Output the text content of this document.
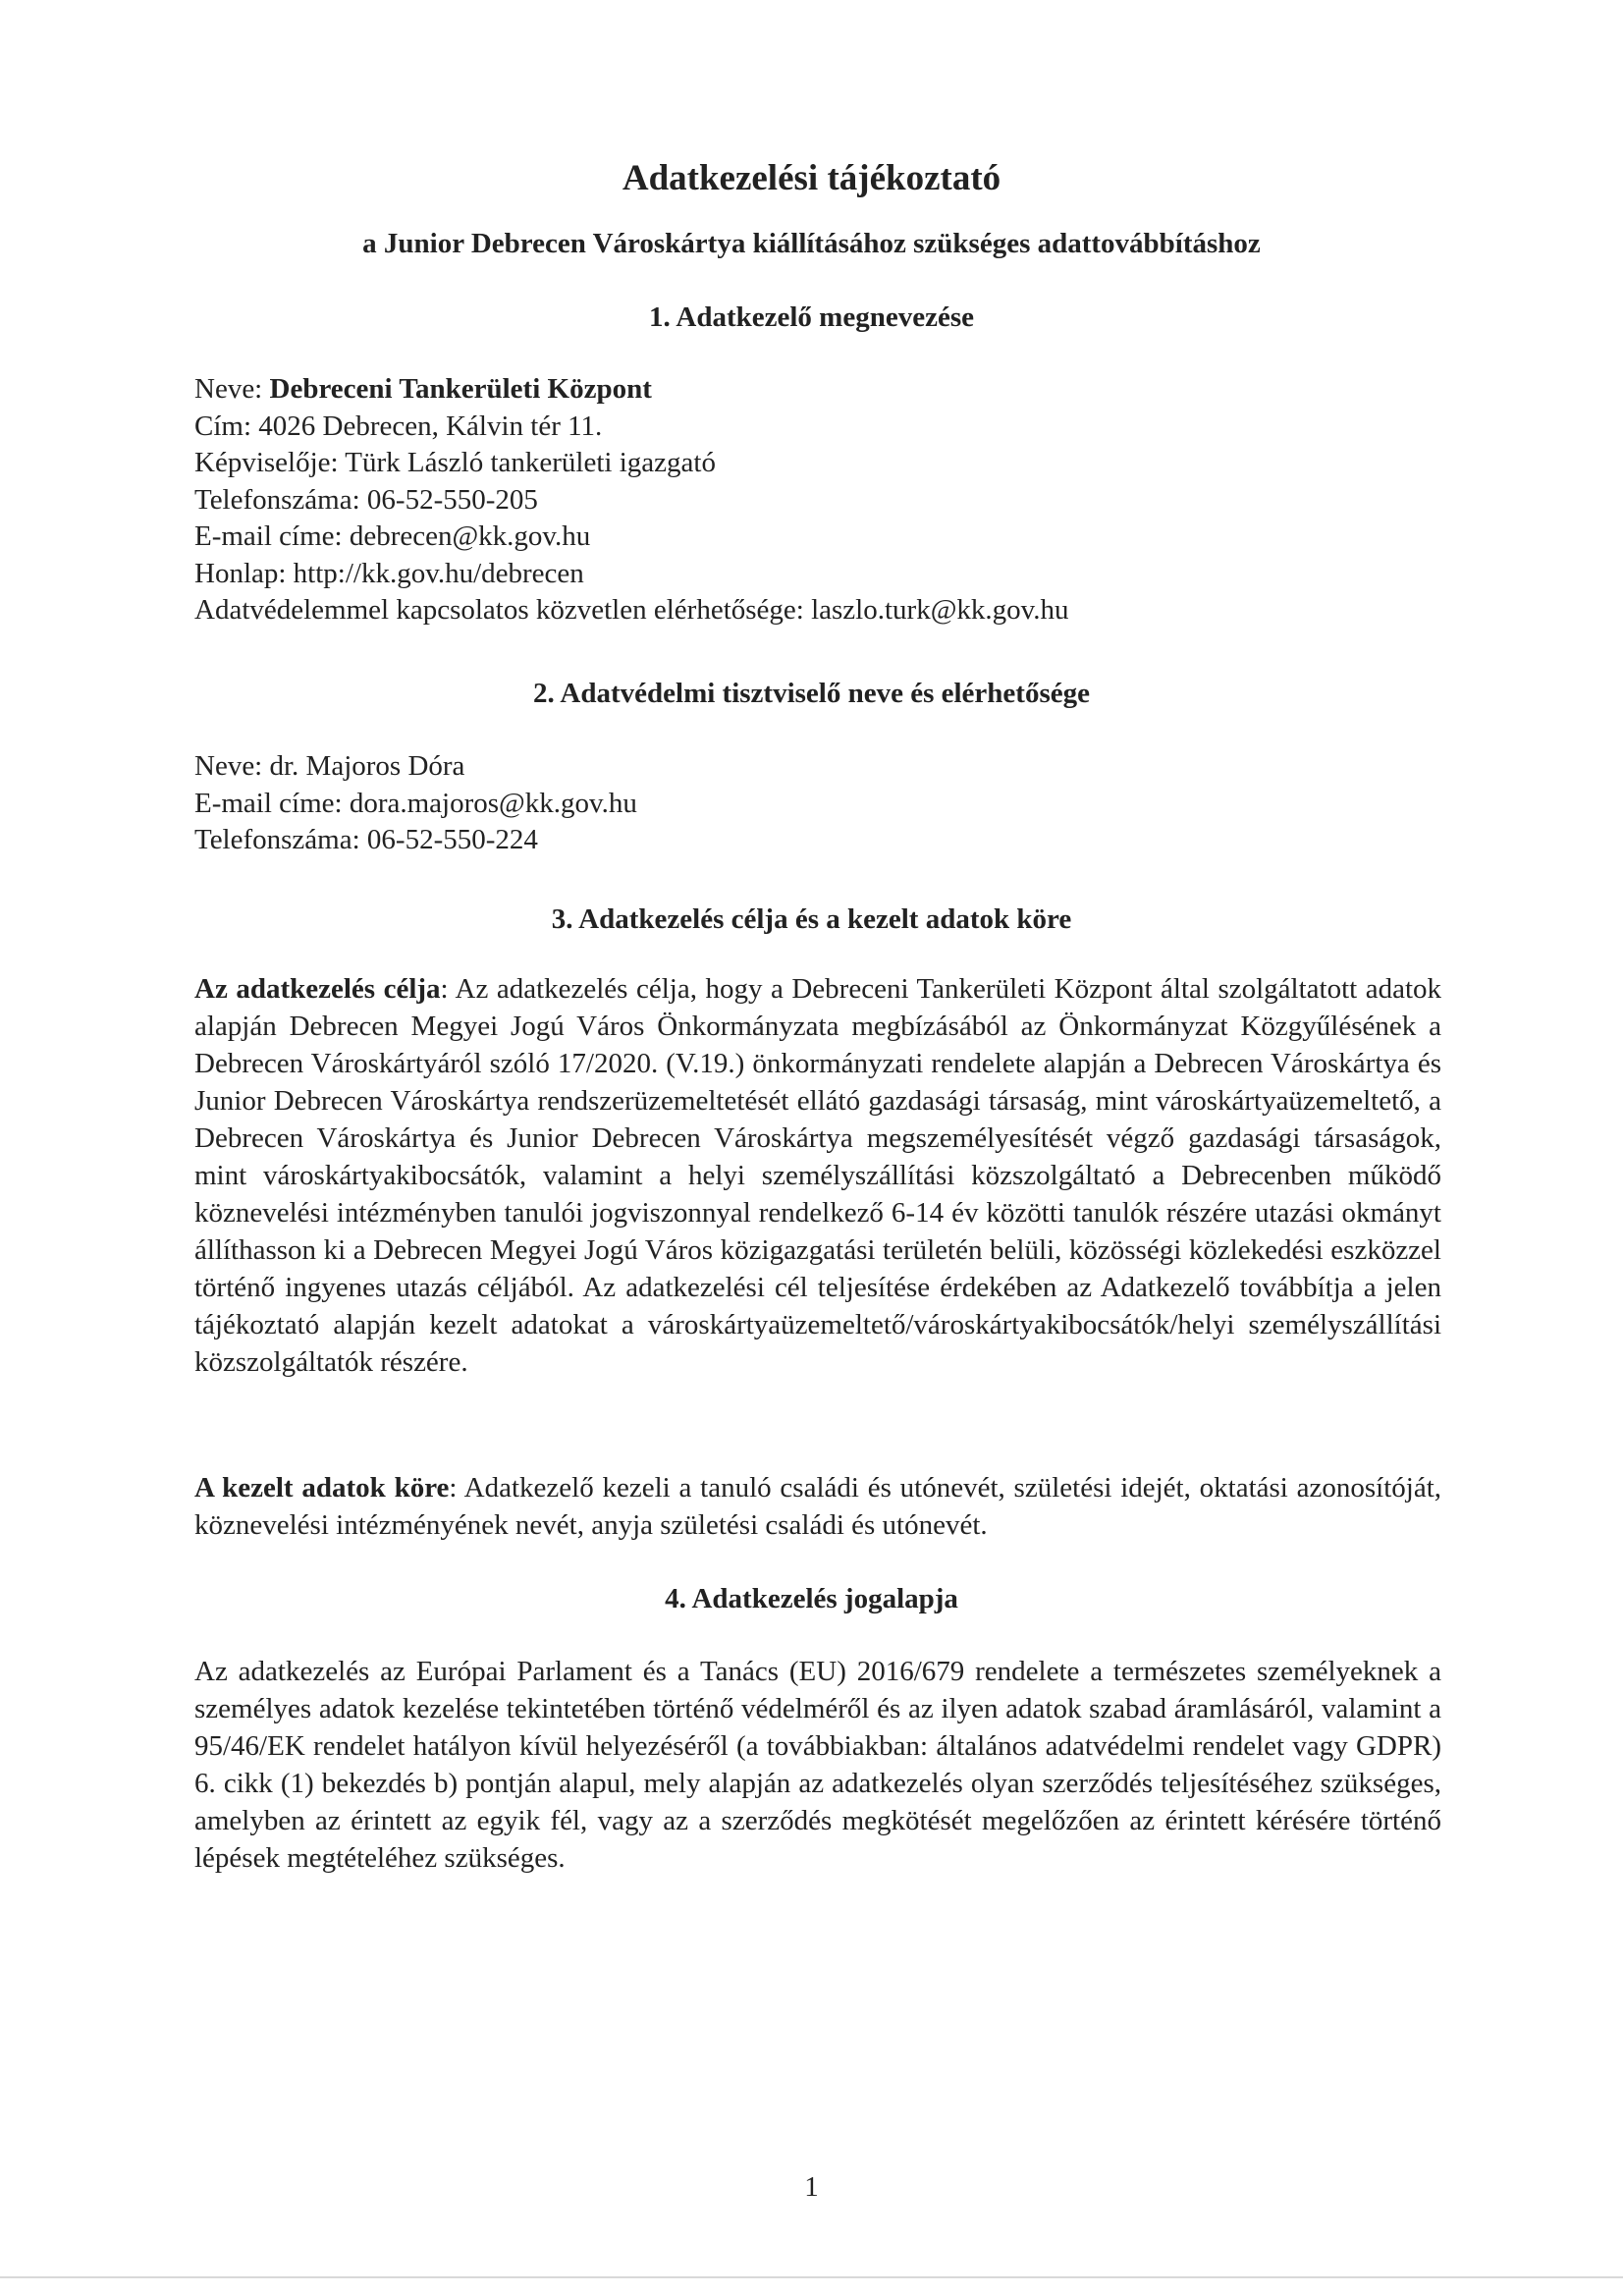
Adatkezelési tájékoztató
a Junior Debrecen Városkártya kiállításához szükséges adattovábbításhoz
1. Adatkezelő megnevezése
Neve: Debreceni Tankerületi Központ
Cím: 4026 Debrecen, Kálvin tér 11.
Képviselője: Türk László tankerületi igazgató
Telefonszáma: 06-52-550-205
E-mail címe: debrecen@kk.gov.hu
Honlap: http://kk.gov.hu/debrecen
Adatvédelemmel kapcsolatos közvetlen elérhetősége: laszlo.turk@kk.gov.hu
2. Adatvédelmi tisztviselő neve és elérhetősége
Neve: dr. Majoros Dóra
E-mail címe: dora.majoros@kk.gov.hu
Telefonszáma: 06-52-550-224
3. Adatkezelés célja és a kezelt adatok köre

Az adatkezelés célja: Az adatkezelés célja, hogy a Debreceni Tankerületi Központ által szolgáltatott adatok alapján Debrecen Megyei Jogú Város Önkormányzata megbízásából az Önkormányzat Közgyűlésének a Debrecen Városkártyáról szóló 17/2020. (V.19.) önkormányzati rendelete alapján a Debrecen Városkártya és Junior Debrecen Városkártya rendszerüzemeltetését ellátó gazdasági társaság, mint városkártyaüzemeltető, a Debrecen Városkártya és Junior Debrecen Városkártya megszemélyesítését végző gazdasági társaságok, mint városkártyakibocsátók, valamint a helyi személyszállítási közszolgáltató a Debrecenben működő köznevelési intézményben tanulói jogviszonnyal rendelkező 6-14 év közötti tanulók részére utazási okmányt állíthasson ki a Debrecen Megyei Jogú Város közigazgatási területén belüli, közösségi közlekedési eszközzel történő ingyenes utazás céljából. Az adatkezelési cél teljesítése érdekében az Adatkezelő továbbítja a jelen tájékoztató alapján kezelt adatokat a városkártyaüzemeltető/városkártyakibocsátók/helyi személyszállítási közszolgáltatók részére.

A kezelt adatok köre: Adatkezelő kezeli a tanuló családi és utónevét, születési idejét, oktatási azonosítóját, köznevelési intézményének nevét, anyja születési családi és utónevét.

4. Adatkezelés jogalapja

Az adatkezelés az Európai Parlament és a Tanács (EU) 2016/679 rendelete a természetes személyeknek a személyes adatok kezelése tekintetében történő védelméről és az ilyen adatok szabad áramlásáról, valamint a 95/46/EK rendelet hatályon kívül helyezéséről (a továbbiakban: általános adatvédelmi rendelet vagy GDPR) 6. cikk (1) bekezdés b) pontján alapul, mely alapján az adatkezelés olyan szerződés teljesítéséhez szükséges, amelyben az érintett az egyik fél, vagy az a szerződés megkötését megelőzően az érintett kérésére történő lépések megtételéhez szükséges.

1
